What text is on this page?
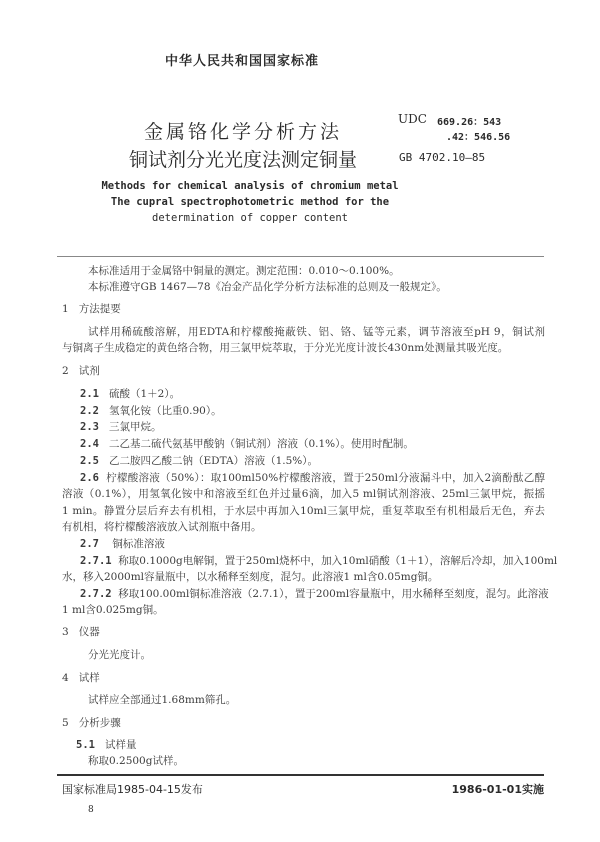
中华人民共和国国家标准
金属铬化学分析方法
铜试剂分光光度法测定铜量
UDC 669.26：543
.42：546.56
GB 4702.10—85
Methods for chemical analysis of chromium metal
The cupral spectrophotometric method for the
determination of copper content
本标准适用于金属铬中铜量的测定。测定范围：0.010～0.100%。
本标准遵守GB 1467—78《冶金产品化学分析方法标准的总则及一般规定》。
1 方法提要
试样用稀硫酸溶解，用EDTA和柠檬酸掩蔽铁、铝、铬、锰等元素，调节溶液至pH 9，铜试剂
与铜离子生成稳定的黄色络合物，用三氯甲烷萃取，于分光光度计波长430nm处测量其吸光度。
2 试剂
2.1 硫酸（1＋2）。
2.2 氢氧化铵（比重0.90）。
2.3 三氯甲烷。
2.4 二乙基二硫代氨基甲酸钠（铜试剂）溶液（0.1%）。使用时配制。
2.5 乙二胺四乙酸二钠（EDTA）溶液（1.5%）。
2.6 柠檬酸溶液（50%）：取100ml50%柠檬酸溶液，置于250ml分液漏斗中，加入2滴酚酞乙醇
溶液（0.1%），用氢氧化铵中和溶液至红色并过量6滴，加入5 ml铜试剂溶液、25ml三氯甲烷，振摇
1 min。静置分层后弃去有机相，于水层中再加入10ml三氯甲烷，重复萃取至有机相最后无色，弃去
有机相，将柠檬酸溶液放入试剂瓶中备用。
2.7 铜标准溶液
2.7.1 称取0.1000g电解铜，置于250ml烧杯中，加入10ml硝酸（1＋1），溶解后冷却，加入100ml
水，移入2000ml容量瓶中，以水稀释至刻度，混匀。此溶液1 ml含0.05mg铜。
2.7.2 移取100.00ml铜标准溶液（2.7.1），置于200ml容量瓶中，用水稀释至刻度，混匀。此溶液
1 ml含0.025mg铜。
3 仪器
分光光度计。
4 试样
试样应全部通过1.68mm筛孔。
5 分析步骤
5.1 试样量
称取0.2500g试样。
国家标准局1985-04-15发布	1986-01-01实施
8
